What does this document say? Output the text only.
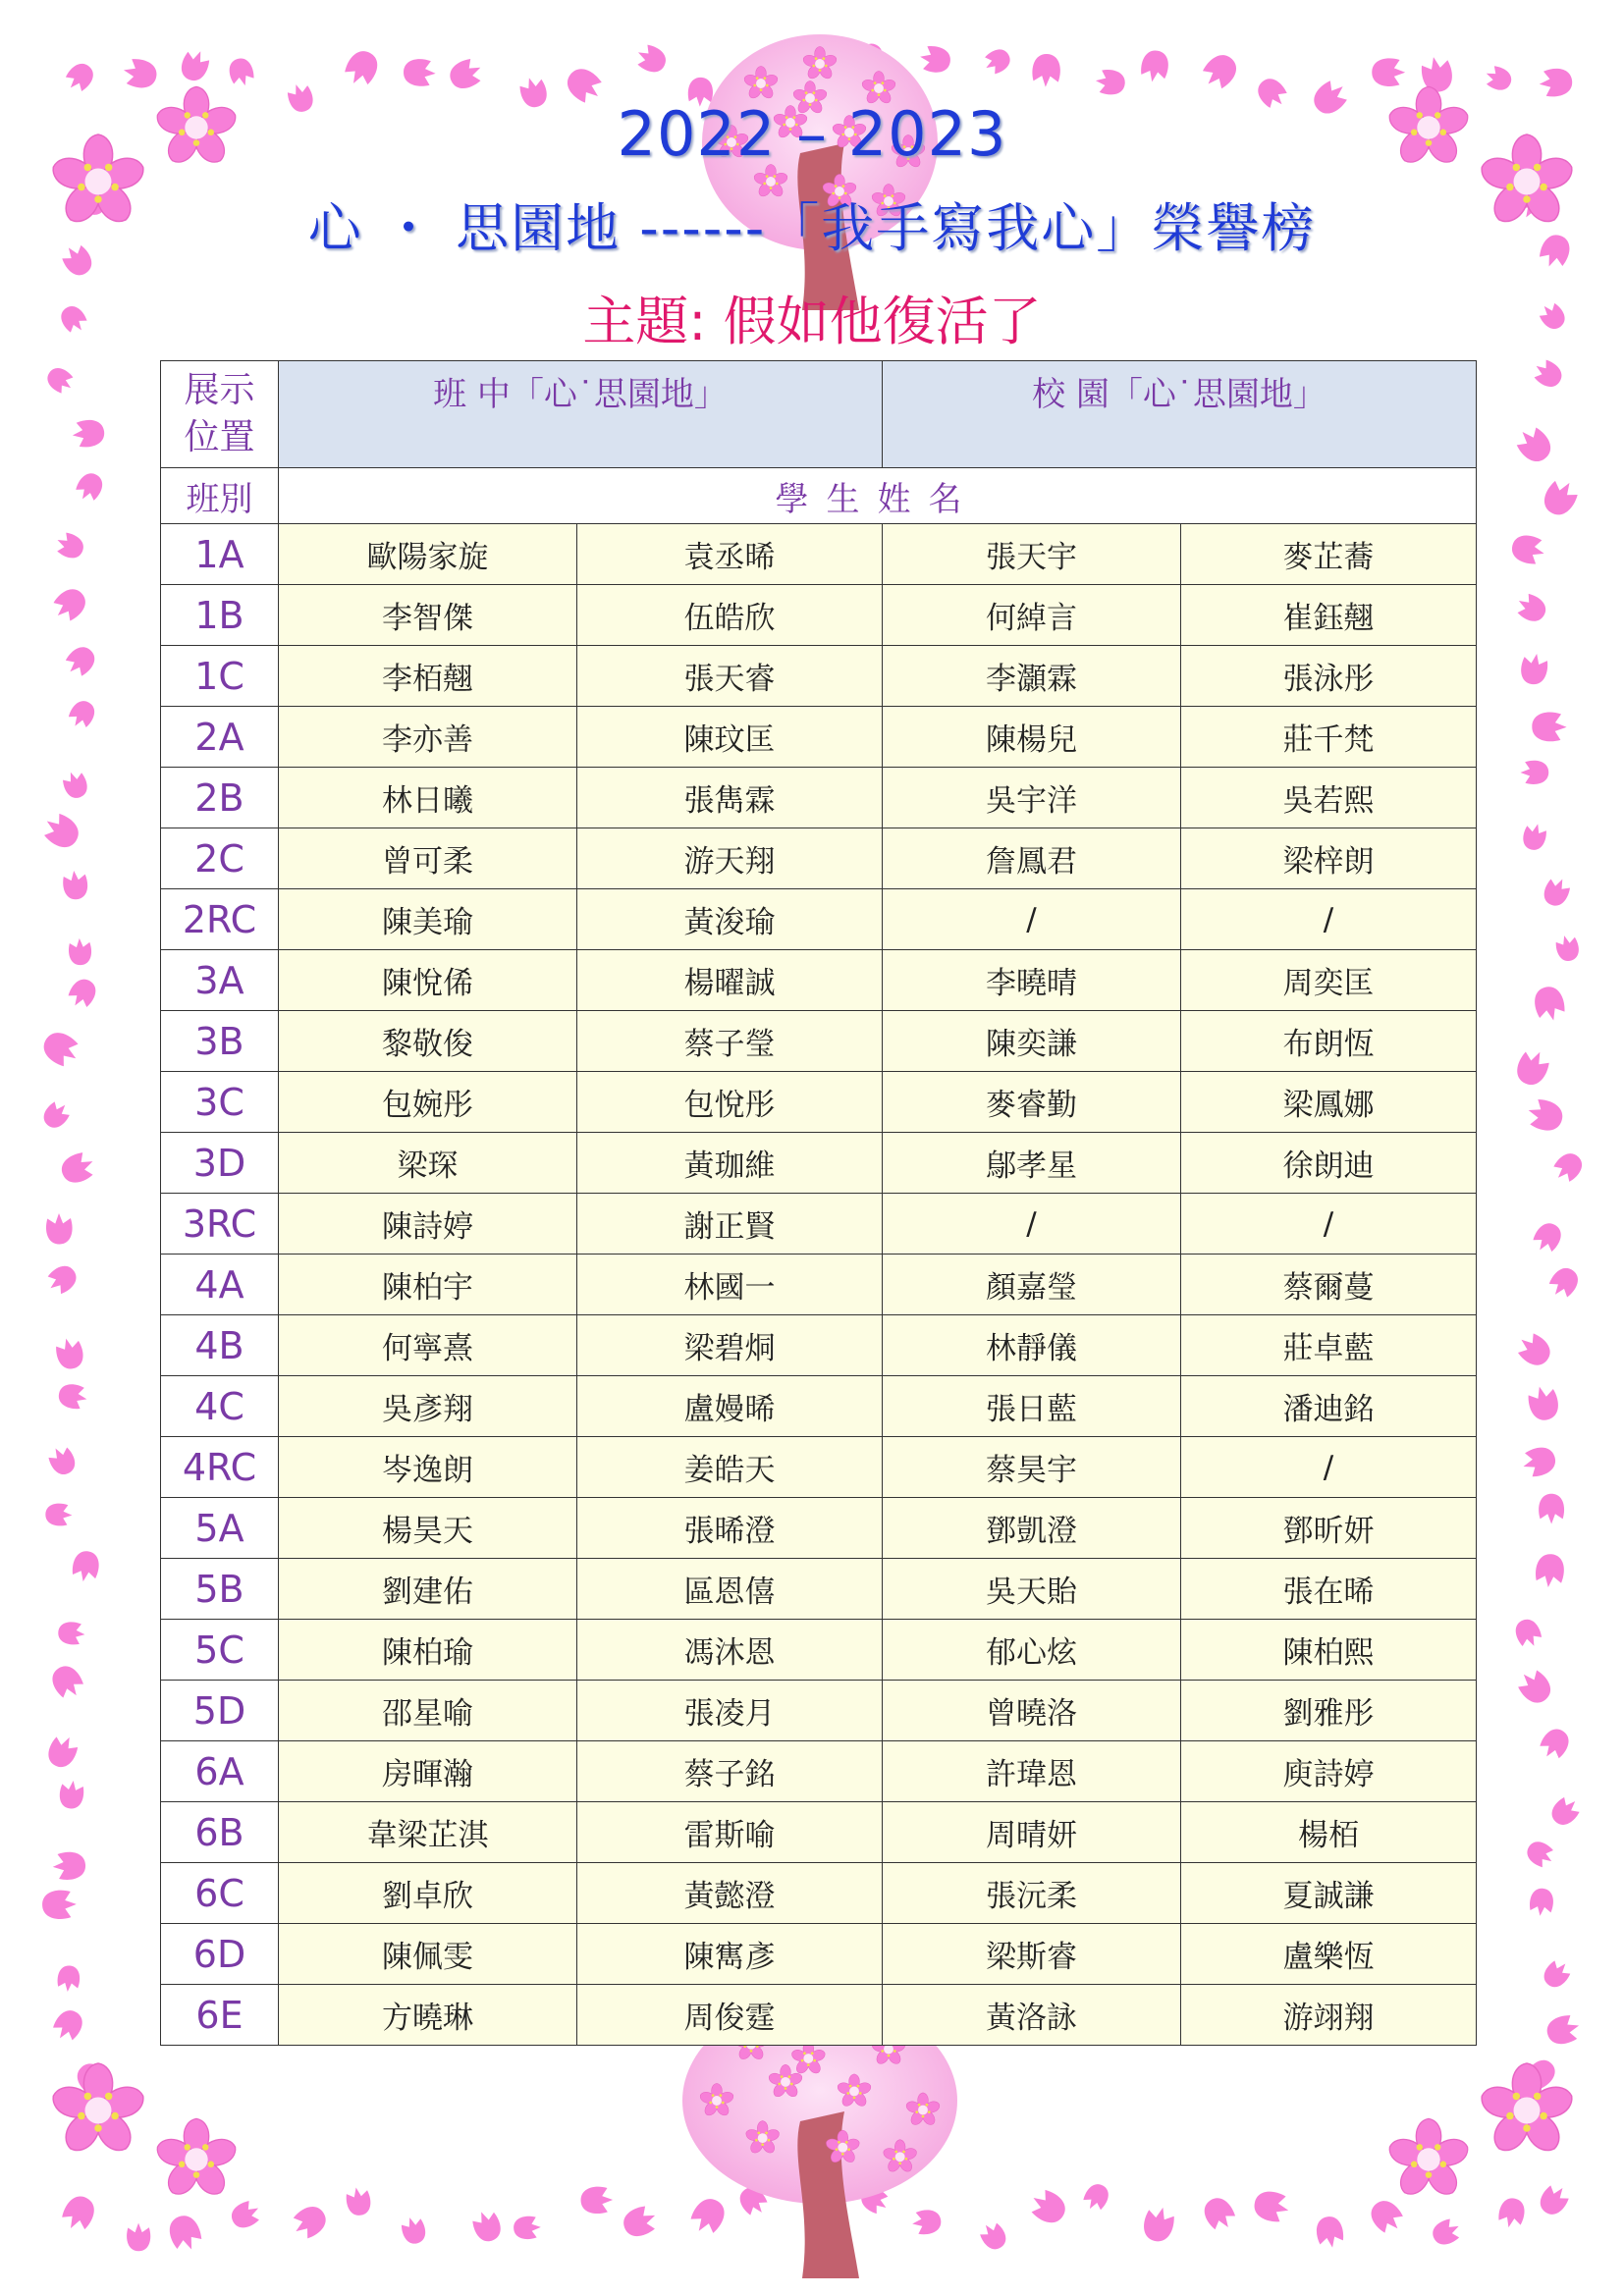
2022 – 2023
心 ・ 思園地 ------「我手寫我心」榮譽榜
主題: 假如他復活了
展示
位置	班 中「心˙思園地」		校 園「心˙思園地」	
班別	學生姓名			
1A	歐陽家旋	袁丞晞	張天宇	麥芷蕎
1B	李智傑	伍皓欣	何綽言	崔鈺翹
1C	李栢翹	張天睿	李灝霖	張泳彤
2A	李亦善	陳玟匡	陳楊兒	莊千梵
2B	林日曦	張雋霖	吳宇洋	吳若熙
2C	曾可柔	游天翔	詹鳳君	梁梓朗
2RC	陳美瑜	黃浚瑜	/	/
3A	陳悅俙	楊曜誠	李曉晴	周奕匡
3B	黎敬俊	蔡子瑩	陳奕謙	布朗恆
3C	包婉彤	包悅彤	麥睿勤	梁鳳娜
3D	梁琛	黃珈維	鄔孝星	徐朗迪
3RC	陳詩婷	謝正賢	/	/
4A	陳柏宇	林國一	顏嘉瑩	蔡爾蔓
4B	何寧熹	梁碧烔	林靜儀	莊卓藍
4C	吳彥翔	盧嫚晞	張日藍	潘迪銘
4RC	岑逸朗	姜皓天	蔡昊宇	/
5A	楊昊天	張晞澄	鄧凱澄	鄧昕妍
5B	劉建佑	區恩僖	吳天貽	張在晞
5C	陳柏瑜	馮沐恩	郁心炫	陳柏熙
5D	邵星喻	張凌月	曾曉洛	劉雅彤
6A	房暉瀚	蔡子銘	許瑋恩	庾詩婷
6B	韋梁芷淇	雷斯喻	周晴妍	楊栢
6C	劉卓欣	黃懿澄	張沅柔	夏誠謙
6D	陳佩雯	陳寯彥	梁斯睿	盧樂恆
6E	方曉琳	周俊霆	黃洛詠	游翊翔
